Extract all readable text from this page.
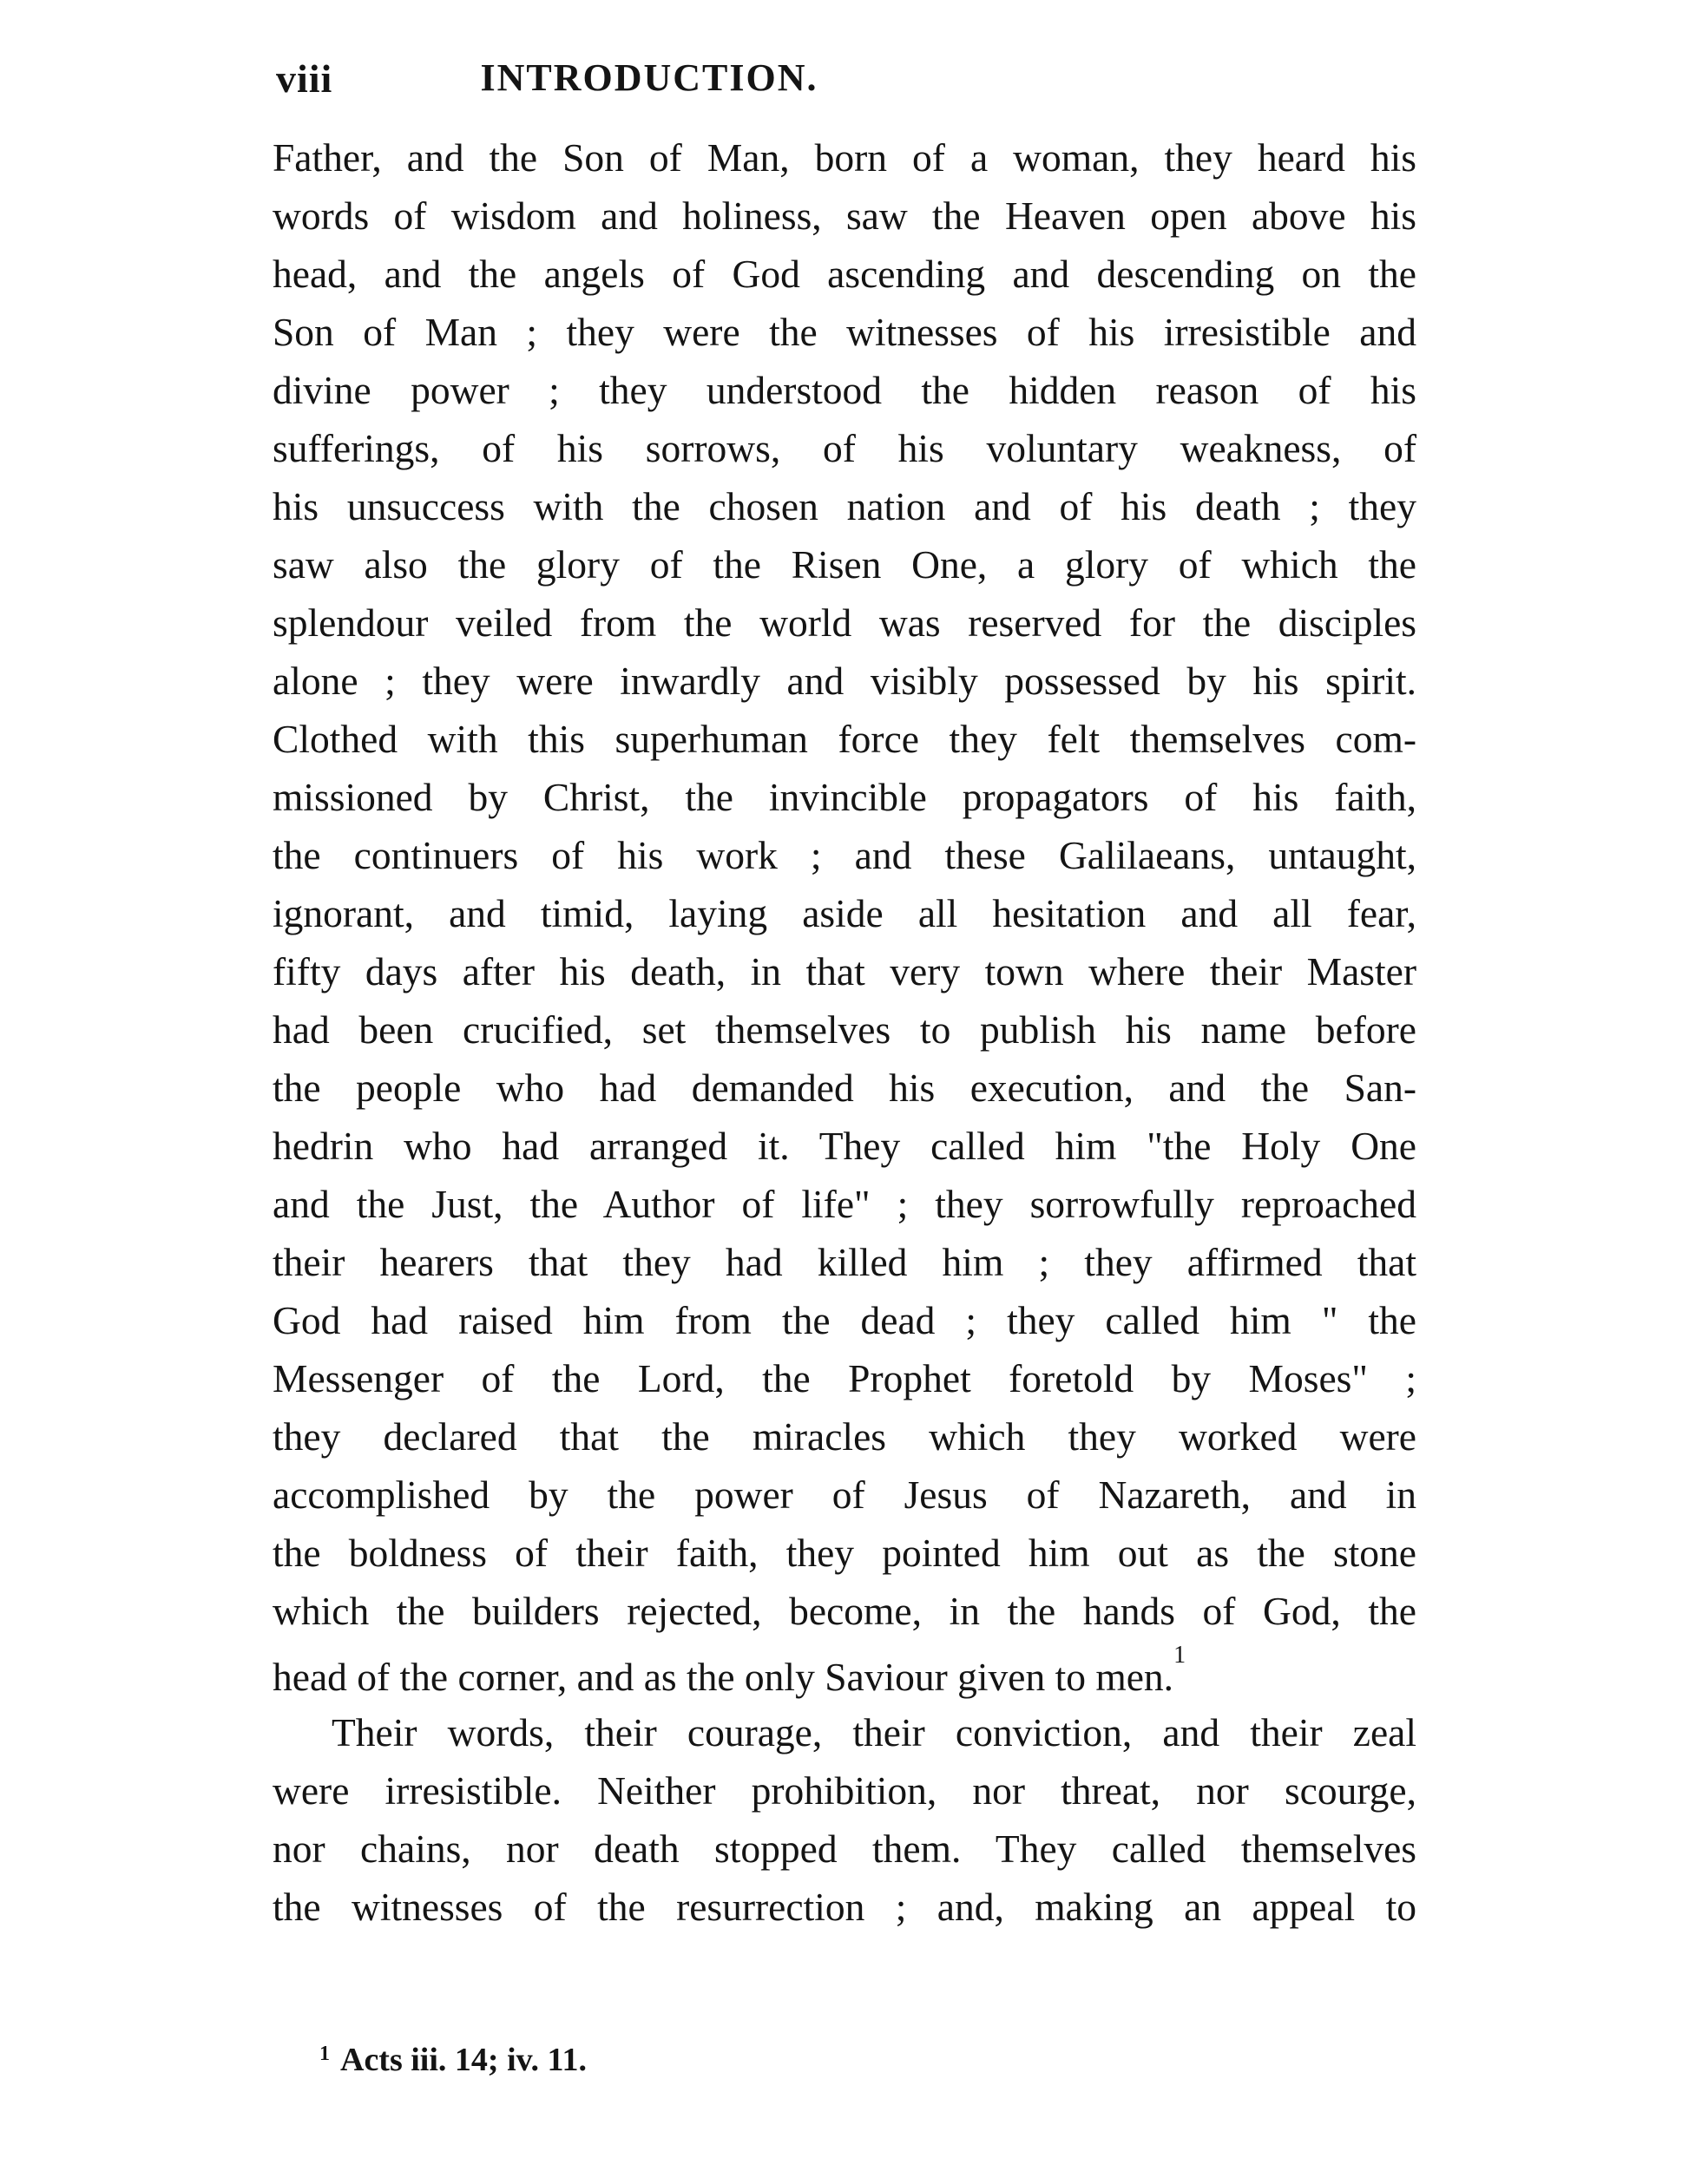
viii	INTRODUCTION.
Father, and the Son of Man, born of a woman, they heard his
words of wisdom and holiness, saw the Heaven open above his
head, and the angels of God ascending and descending on the
Son of Man ; they were the witnesses of his irresistible and
divine power ; they understood the hidden reason of his
sufferings, of his sorrows, of his voluntary weakness, of
his unsuccess with the chosen nation and of his death ; they
saw also the glory of the Risen One, a glory of which the
splendour veiled from the world was reserved for the disciples
alone ; they were inwardly and visibly possessed by his spirit.
Clothed with this superhuman force they felt themselves com-
missioned by Christ, the invincible propagators of his faith,
the continuers of his work ; and these Galilaeans, untaught,
ignorant, and timid, laying aside all hesitation and all fear,
fifty days after his death, in that very town where their Master
had been crucified, set themselves to publish his name before
the people who had demanded his execution, and the San-
hedrin who had arranged it. They called him "the Holy One
and the Just, the Author of life" ; they sorrowfully reproached
their hearers that they had killed him ; they affirmed that
God had raised him from the dead ; they called him " the
Messenger of the Lord, the Prophet foretold by Moses" ;
they declared that the miracles which they worked were
accomplished by the power of Jesus of Nazareth, and in
the boldness of their faith, they pointed him out as the stone
which the builders rejected, become, in the hands of God, the
head of the corner, and as the only Saviour given to men.$^1$
Their words, their courage, their conviction, and their zeal
were irresistible. Neither prohibition, nor threat, nor scourge,
nor chains, nor death stopped them. They called themselves
the witnesses of the resurrection ; and, making an appeal to
$^1$ Acts iii. 14; iv. 11.
